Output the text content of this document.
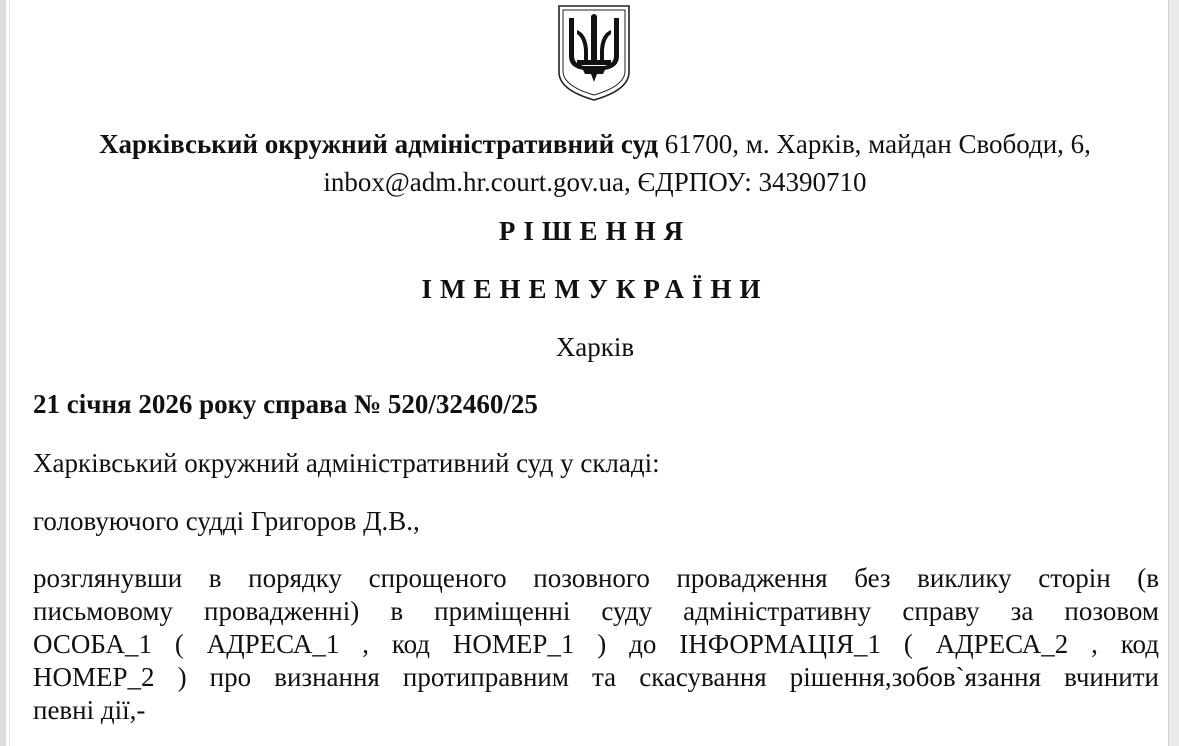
Харківський окружний адміністративний суд 61700, м. Харків, майдан Свободи, 6,
inbox@adm.hr.court.gov.ua, ЄДРПОУ: 34390710
РІШЕННЯ
ІМЕНЕМУКРАЇНИ
Харків
21 січня 2026 року справа № 520/32460/25
Харківський окружний адміністративний суд у складі:
головуючого судді Григоров Д.В.,
розглянувши в порядку спрощеного позовного провадження без виклику сторін (в
письмовому провадженні) в приміщенні суду адміністративну справу за позовом
ОСОБА_1 ( АДРЕСА_1 , код НОМЕР_1 ) до ІНФОРМАЦІЯ_1 ( АДРЕСА_2 , код
НОМЕР_2 ) про визнання протиправним та скасування рішення,зобов`язання вчинити
певні дії,-
